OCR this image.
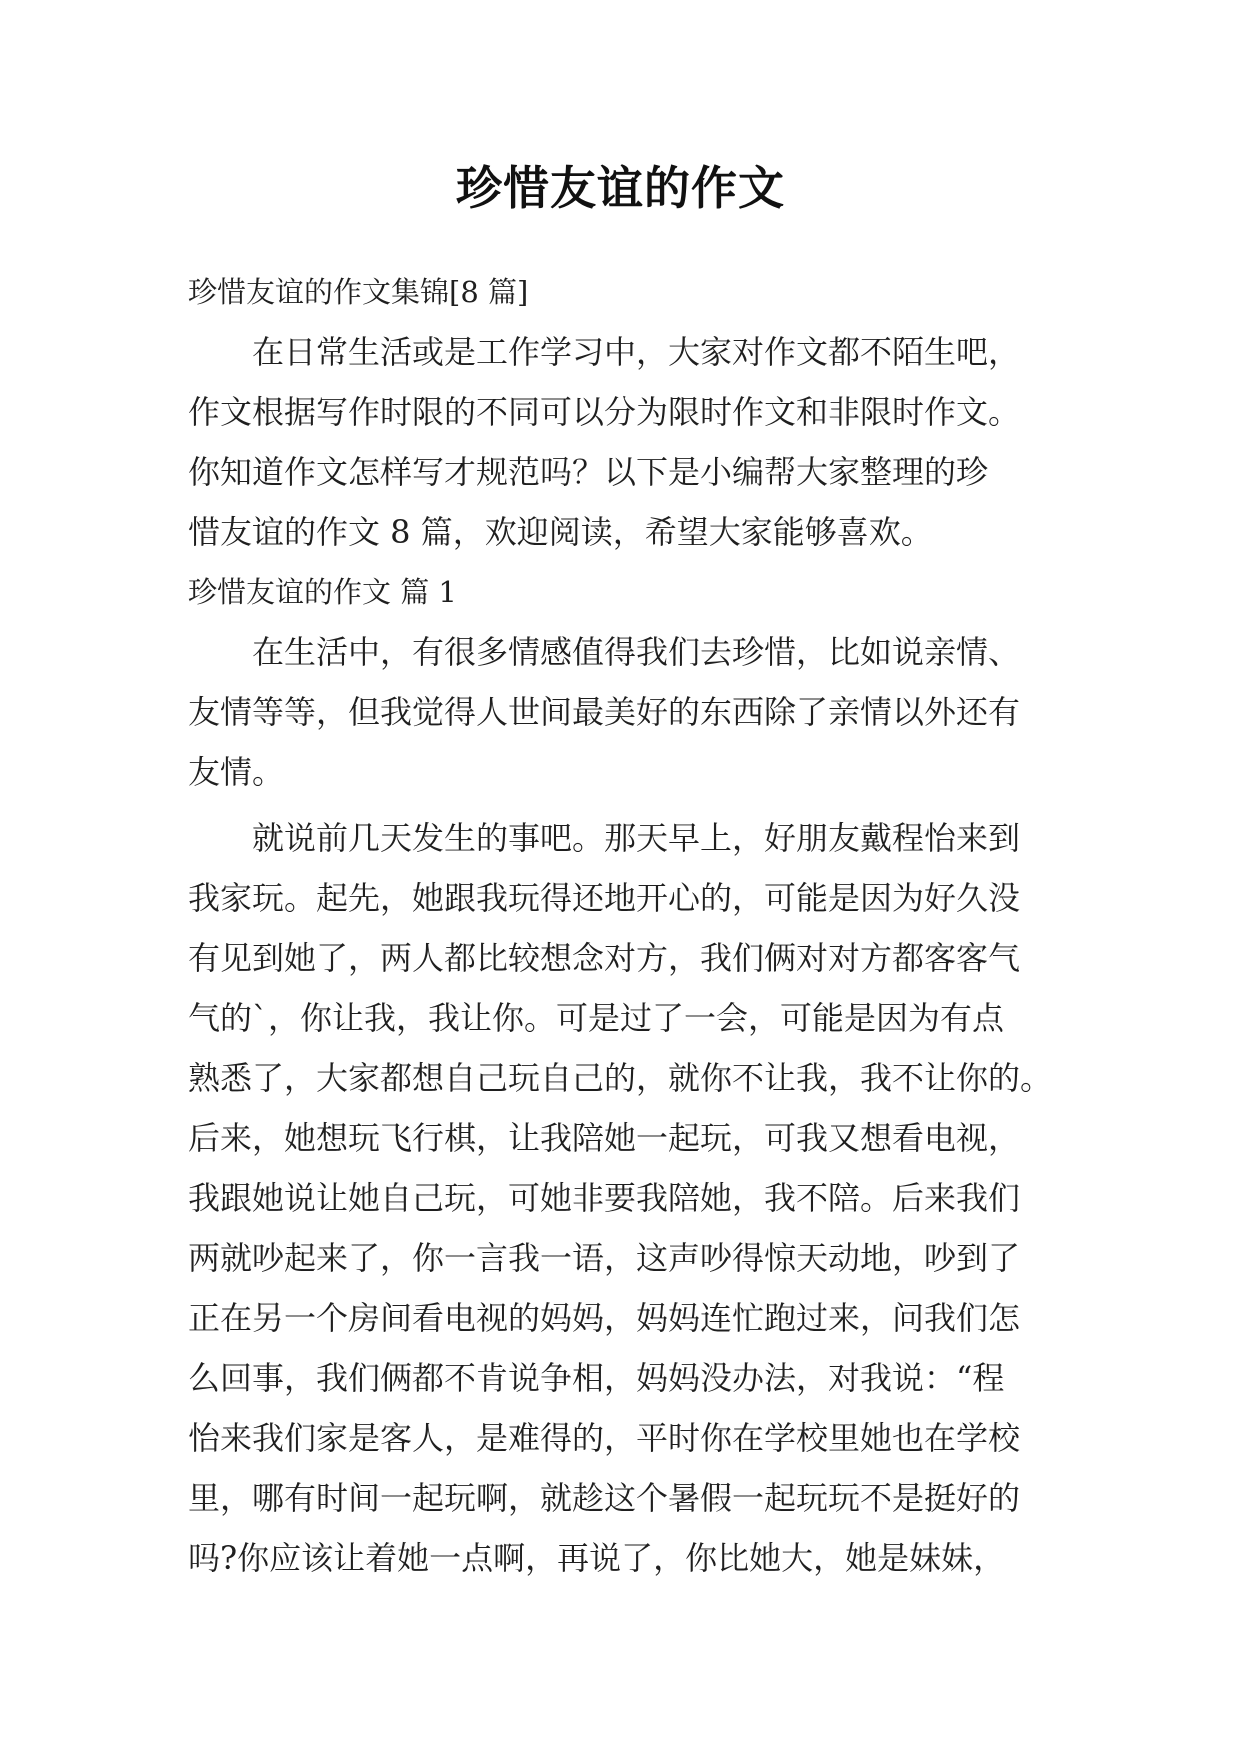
珍惜友谊的作文
珍惜友谊的作文集锦[8 篇]
在日常生活或是工作学习中，大家对作文都不陌生吧，
作文根据写作时限的不同可以分为限时作文和非限时作文。
你知道作文怎样写才规范吗？以下是小编帮大家整理的珍
惜友谊的作文 8 篇，欢迎阅读，希望大家能够喜欢。
珍惜友谊的作文 篇 1
在生活中，有很多情感值得我们去珍惜，比如说亲情、
友情等等，但我觉得人世间最美好的东西除了亲情以外还有
友情。
就说前几天发生的事吧。那天早上，好朋友戴程怡来到
我家玩。起先，她跟我玩得还地开心的，可能是因为好久没
有见到她了，两人都比较想念对方，我们俩对对方都客客气
气的`，你让我，我让你。可是过了一会，可能是因为有点
熟悉了，大家都想自己玩自己的，就你不让我，我不让你的。
后来，她想玩飞行棋，让我陪她一起玩，可我又想看电视，
我跟她说让她自己玩，可她非要我陪她，我不陪。后来我们
两就吵起来了，你一言我一语，这声吵得惊天动地，吵到了
正在另一个房间看电视的妈妈，妈妈连忙跑过来，问我们怎
么回事，我们俩都不肯说争相，妈妈没办法，对我说：“程
怡来我们家是客人，是难得的，平时你在学校里她也在学校
里，哪有时间一起玩啊，就趁这个暑假一起玩玩不是挺好的
吗?你应该让着她一点啊，再说了，你比她大，她是妹妹，
